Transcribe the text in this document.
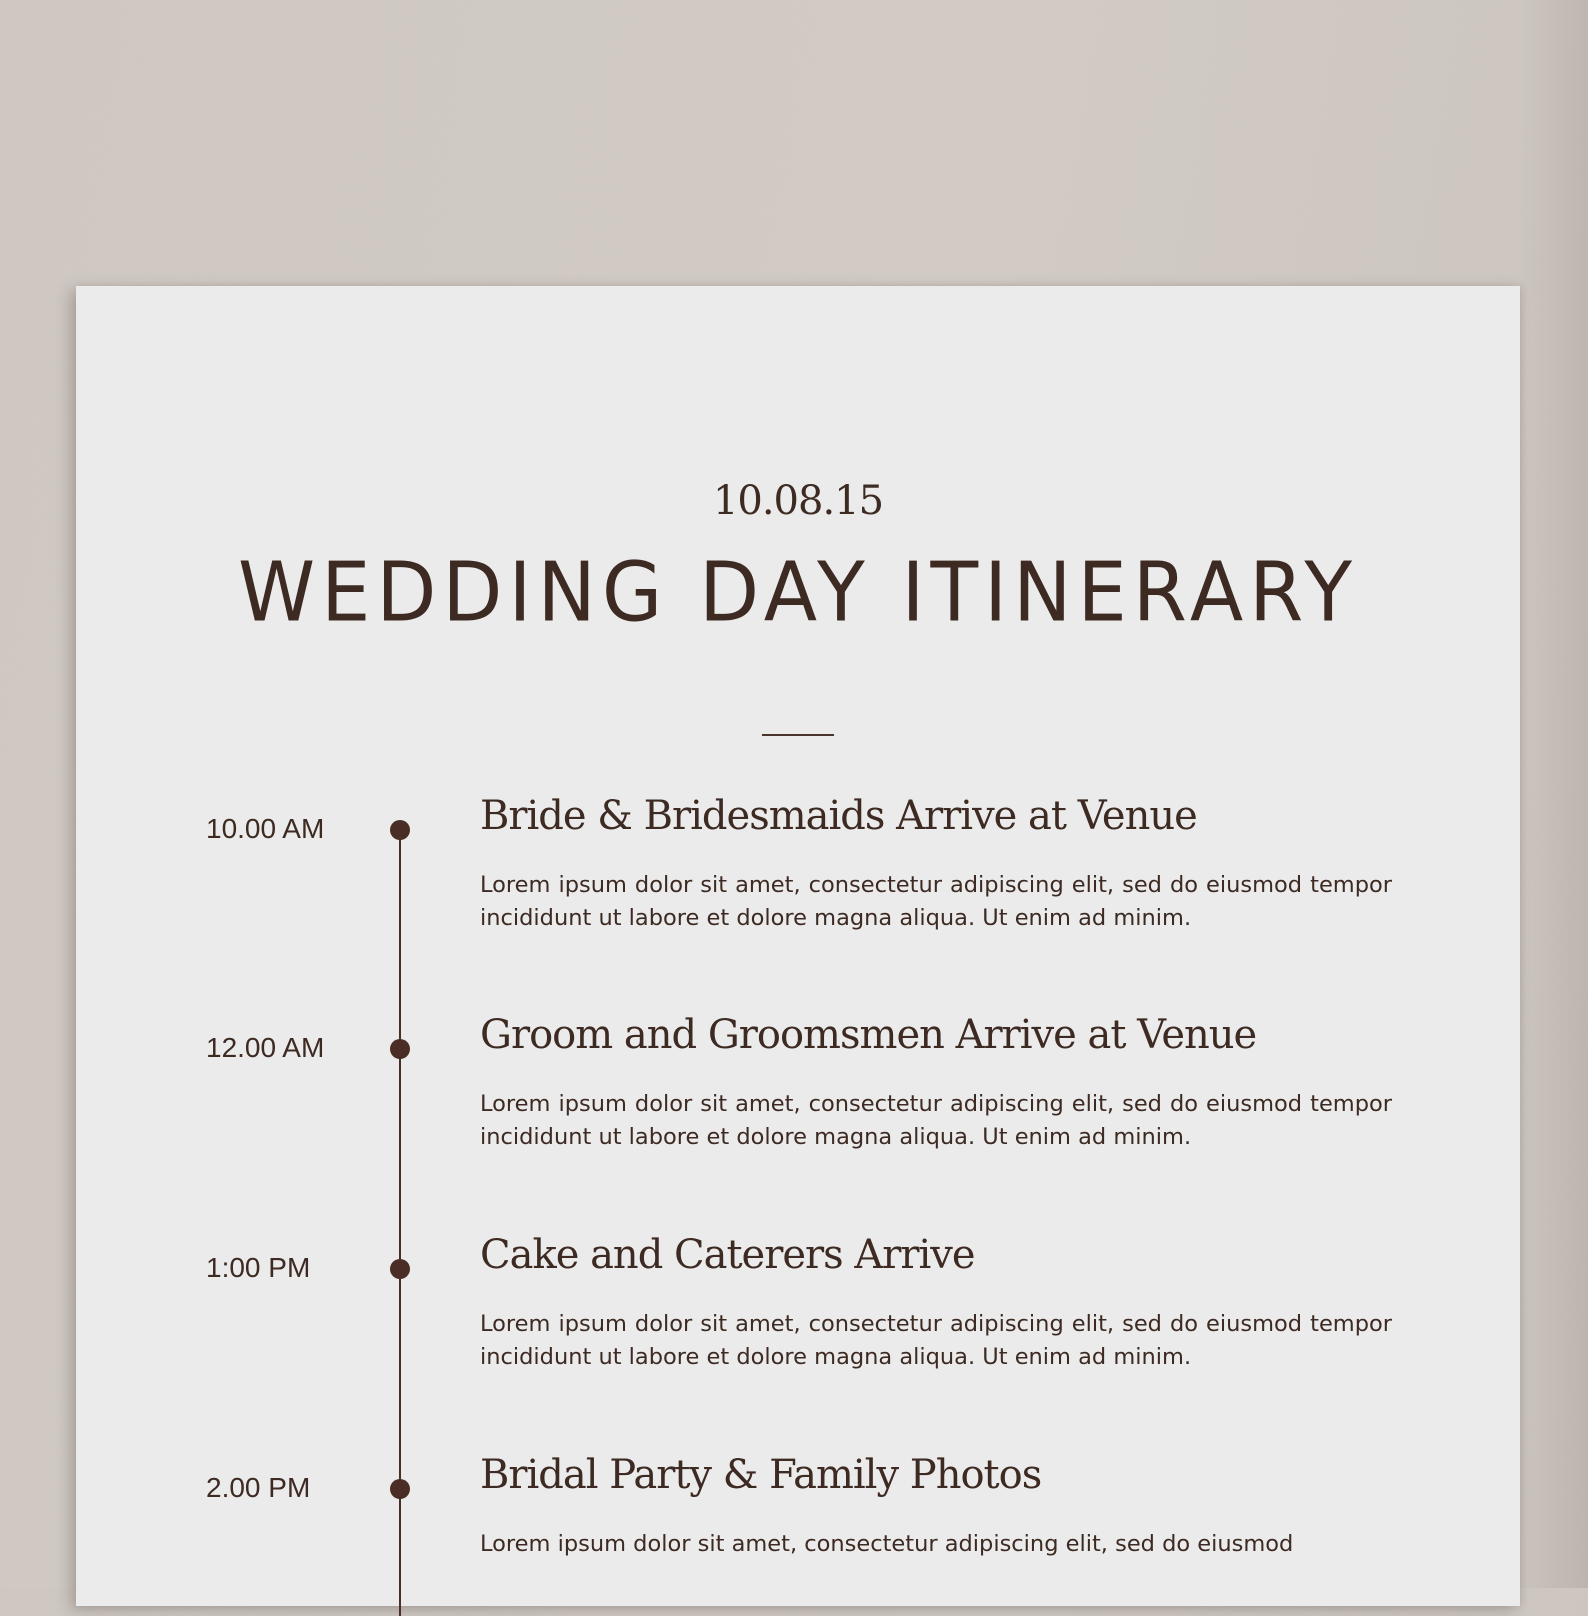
10.08.15
WEDDING DAY ITINERARY
10.00 AM	Bride & Bridesmaids Arrive at Venue
Lorem ipsum dolor sit amet, consectetur adipiscing elit, sed do eiusmod tempor incididunt ut labore et dolore magna aliqua. Ut enim ad minim.
12.00 AM	Groom and Groomsmen Arrive at Venue
Lorem ipsum dolor sit amet, consectetur adipiscing elit, sed do eiusmod tempor incididunt ut labore et dolore magna aliqua. Ut enim ad minim.
1:00 PM	Cake and Caterers Arrive
Lorem ipsum dolor sit amet, consectetur adipiscing elit, sed do eiusmod tempor incididunt ut labore et dolore magna aliqua. Ut enim ad minim.
2.00 PM	Bridal Party & Family Photos
Lorem ipsum dolor sit amet, consectetur adipiscing elit, sed do eiusmod
